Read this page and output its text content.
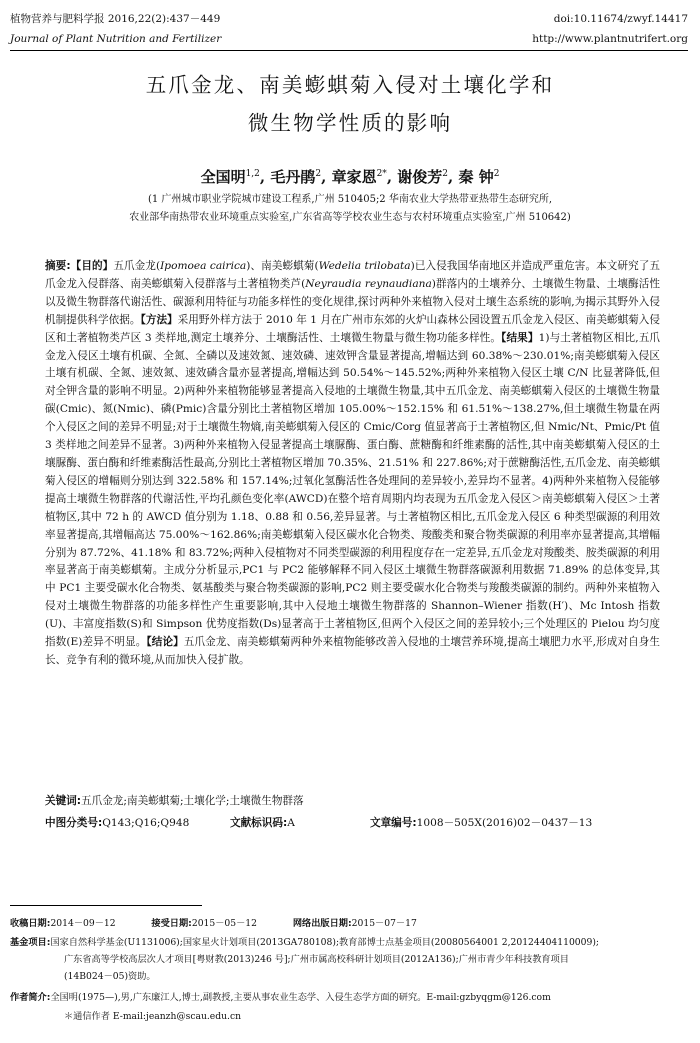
植物营养与肥料学报 2016,22(2):437－449	doi:10.11674/zwyf.14417
Journal of Plant Nutrition and Fertilizer	http://www.plantnutrifert.org
五爪金龙、南美蟛蜞菊入侵对土壤化学和
微生物学性质的影响
全国明$^{1,2}$, 毛丹鹃$^2$, 章家恩$^{2*}$, 谢俊芳$^2$, 秦 钟$^2$
(1 广州城市职业学院城市建设工程系,广州 510405;2 华南农业大学热带亚热带生态研究所,
农业部华南热带农业环境重点实验室,广东省高等学校农业生态与农村环境重点实验室,广州 510642)
摘要:【目的】五爪金龙(Ipomoea cairica)、南美蟛蜞菊(Wedelia trilobata)已入侵我国华南地区并造成严重危害。本文研究了五爪金龙入侵群落、南美蟛蜞菊入侵群落与土著植物类芦(Neyraudia reynaudiana)群落内的土壤养分、土壤微生物量、土壤酶活性以及微生物群落代谢活性、碳源利用特征与功能多样性的变化规律,探讨两种外来植物入侵对土壤生态系统的影响,为揭示其野外入侵机制提供科学依据。【方法】采用野外样方法于 2010 年 1 月在广州市东郊的火炉山森林公园设置五爪金龙入侵区、南美蟛蜞菊入侵区和土著植物类芦区 3 类样地,测定土壤养分、土壤酶活性、土壤微生物量与微生物功能多样性。【结果】1)与土著植物区相比,五爪金龙入侵区土壤有机碳、全氮、全磷以及速效氮、速效磷、速效钾含量显著提高,增幅达到 60.38%～230.01%;南美蟛蜞菊入侵区土壤有机碳、全氮、速效氮、速效磷含量亦显著提高,增幅达到 50.54%～145.52%;两种外来植物入侵区土壤 C/N 比显著降低,但对全钾含量的影响不明显。2)两种外来植物能够显著提高入侵地的土壤微生物量,其中五爪金龙、南美蟛蜞菊入侵区的土壤微生物量碳(Cmic)、氮(Nmic)、磷(Pmic)含量分别比土著植物区增加 105.00%～152.15% 和 61.51%～138.27%,但土壤微生物量在两个入侵区之间的差异不明显;对于土壤微生物熵,南美蟛蜞菊入侵区的 Cmic/Corg 值显著高于土著植物区,但 Nmic/Nt、Pmic/Pt 值 3 类样地之间差异不显著。3)两种外来植物入侵显著提高土壤脲酶、蛋白酶、蔗糖酶和纤维素酶的活性,其中南美蟛蜞菊入侵区的土壤脲酶、蛋白酶和纤维素酶活性最高,分别比土著植物区增加 70.35%、21.51% 和 227.86%;对于蔗糖酶活性,五爪金龙、南美蟛蜞菊入侵区的增幅则分别达到 322.58% 和 157.14%;过氧化氢酶活性各处理间的差异较小,差异均不显著。4)两种外来植物入侵能够提高土壤微生物群落的代谢活性,平均孔颜色变化率(AWCD)在整个培育周期内均表现为五爪金龙入侵区＞南美蟛蜞菊入侵区＞土著植物区,其中 72 h 的 AWCD 值分别为 1.18、0.88 和 0.56,差异显著。与土著植物区相比,五爪金龙入侵区 6 种类型碳源的利用效率显著提高,其增幅高达 75.00%～162.86%;南美蟛蜞菊入侵区碳水化合物类、羧酸类和聚合物类碳源的利用率亦显著提高,其增幅分别为 87.72%、41.18% 和 83.72%;两种入侵植物对不同类型碳源的利用程度存在一定差异,五爪金龙对羧酸类、胺类碳源的利用率显著高于南美蟛蜞菊。主成分分析显示,PC1 与 PC2 能够解释不同入侵区土壤微生物群落碳源利用数据 71.89% 的总体变异,其中 PC1 主要受碳水化合物类、氨基酸类与聚合物类碳源的影响,PC2 则主要受碳水化合物类与羧酸类碳源的制约。两种外来植物入侵对土壤微生物群落的功能多样性产生重要影响,其中入侵地土壤微生物群落的 Shannon–Wiener 指数(H′)、Mc Intosh 指数(U)、丰富度指数(S)和 Simpson 优势度指数(Ds)显著高于土著植物区,但两个入侵区之间的差异较小;三个处理区的 Pielou 均匀度指数(E)差异不明显。【结论】五爪金龙、南美蟛蜞菊两种外来植物能够改善入侵地的土壤营养环境,提高土壤肥力水平,形成对自身生长、竞争有利的微环境,从而加快入侵扩散。
关键词:五爪金龙;南美蟛蜞菊;土壤化学;土壤微生物群落
中图分类号:Q143;Q16;Q948	文献标识码:A	文章编号:1008－505X(2016)02－0437－13
收稿日期:2014－09－12	接受日期:2015－05－12	网络出版日期:2015－07－17
基金项目:国家自然科学基金(U1131006);国家星火计划项目(2013GA780108);教育部博士点基金项目(20080564001 2,20124404110009);
广东省高等学校高层次人才项目[粤财教(2013)246 号];广州市属高校科研计划项目(2012A136);广州市青少年科技教育项目
(14B024－05)资助。
作者简介:全国明(1975—),男,广东廉江人,博士,副教授,主要从事农业生态学、入侵生态学方面的研究。E-mail:gzbyqgm@126.com
＊通信作者 E-mail:jeanzh@scau.edu.cn
